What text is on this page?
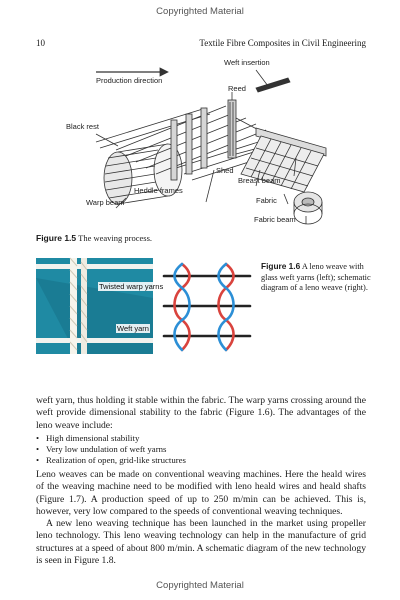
Copyrighted Material
10	Textile Fibre Composites in Civil Engineering
Weft insertion
Production direction
Reed
Black rest
Shed
Breast beam
Heddle frames
Warp beam	Fabric
Fabric beam
Figure 1.5 The weaving process.
Twisted warp yarns
Weft yarn
Figure 1.6 A leno weave with glass weft yarns (left); schematic diagram of a leno weave (right).
weft yarn, thus holding it stable within the fabric. The warp yarns crossing around the weft provide dimensional stability to the fabric (Figure 1.6). The advantages of the leno weave include:
• High dimensional stability
• Very low undulation of weft yarns
• Realization of open, grid-like structures
Leno weaves can be made on conventional weaving machines. Here the heald wires of the weaving machine need to be modified with leno heald wires and heald shafts (Figure 1.7). A production speed of up to 250 m/min can be achieved. This is, however, very low compared to the speeds of conventional weaving techniques.
A new leno weaving technique has been launched in the market using propeller leno technology. This leno weaving technology can help in the manufacture of grid structures at a speed of about 800 m/min. A schematic diagram of the new technology is seen in Figure 1.8.
Copyrighted Material
